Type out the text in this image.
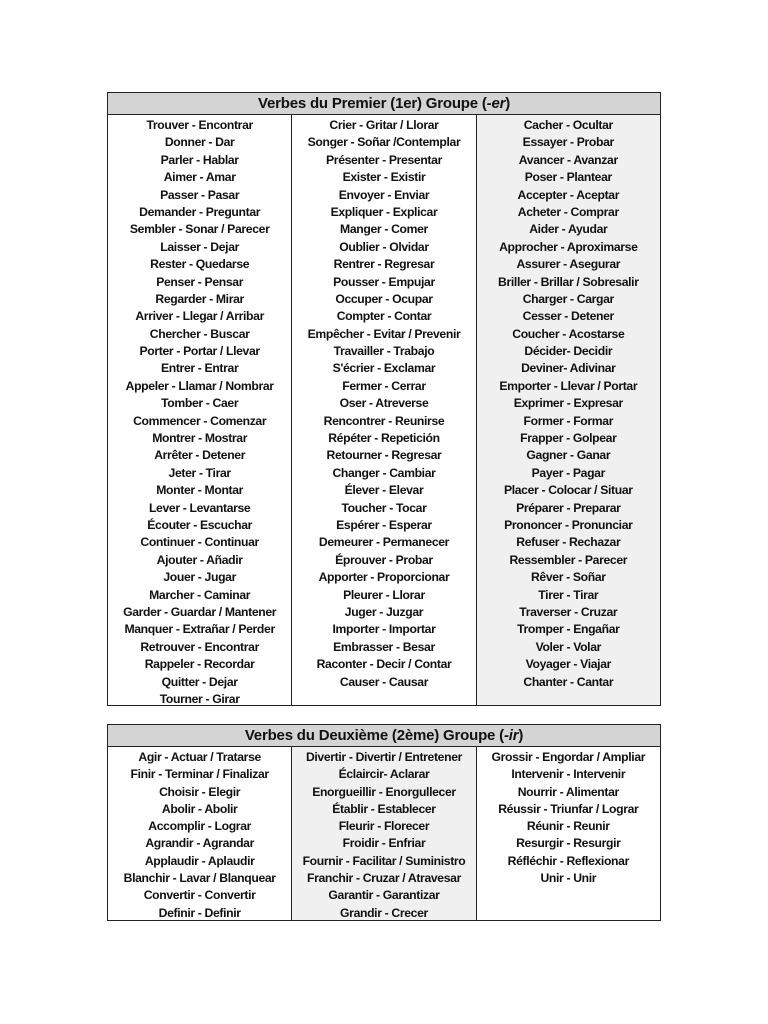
Verbes du Premier (1er) Groupe ( -er )
Trouver - Encontrar
Donner - Dar
Parler - Hablar
Aimer - Amar
Passer - Pasar
Demander - Preguntar
Sembler - Sonar / Parecer
Laisser - Dejar
Rester - Quedarse
Penser - Pensar
Regarder - Mirar
Arriver - Llegar / Arribar
Chercher - Buscar
Porter - Portar / Llevar
Entrer - Entrar
Appeler - Llamar / Nombrar
Tomber - Caer
Commencer - Comenzar
Montrer - Mostrar
Arrêter - Detener
Jeter - Tirar
Monter - Montar
Lever - Levantarse
Écouter - Escuchar
Continuer - Continuar
Ajouter - Añadir
Jouer - Jugar
Marcher - Caminar
Garder - Guardar / Mantener
Manquer - Extrañar / Perder
Retrouver - Encontrar
Rappeler - Recordar
Quitter - Dejar
Tourner - Girar
Crier - Gritar / Llorar
Songer - Soñar /Contemplar
Présenter - Presentar
Exister - Existir
Envoyer - Enviar
Expliquer - Explicar
Manger - Comer
Oublier - Olvidar
Rentrer - Regresar
Pousser - Empujar
Occuper - Ocupar
Compter - Contar
Empêcher - Evitar / Prevenir
Travailler - Trabajo
S'écrier - Exclamar
Fermer - Cerrar
Oser - Atreverse
Rencontrer - Reunirse
Répéter - Repetición
Retourner - Regresar
Changer - Cambiar
Élever - Elevar
Toucher - Tocar
Espérer - Esperar
Demeurer - Permanecer
Éprouver - Probar
Apporter - Proporcionar
Pleurer - Llorar
Juger - Juzgar
Importer - Importar
Embrasser - Besar
Raconter - Decir / Contar
Causer - Causar
Cacher - Ocultar
Essayer - Probar
Avancer - Avanzar
Poser - Plantear
Accepter - Aceptar
Acheter - Comprar
Aider - Ayudar
Approcher - Aproximarse
Assurer - Asegurar
Briller - Brillar / Sobresalir
Charger - Cargar
Cesser - Detener
Coucher - Acostarse
Décider- Decidir
Deviner- Adivinar
Emporter - Llevar / Portar
Exprimer - Expresar
Former - Formar
Frapper - Golpear
Gagner - Ganar
Payer - Pagar
Placer - Colocar / Situar
Préparer - Preparar
Prononcer - Pronunciar
Refuser - Rechazar
Ressembler - Parecer
Rêver - Soñar
Tirer - Tirar
Traverser - Cruzar
Tromper - Engañar
Voler - Volar
Voyager - Viajar
Chanter - Cantar
Verbes du Deuxième (2ème) Groupe ( -ir )
Agir - Actuar / Tratarse
Finir - Terminar / Finalizar
Choisir - Elegir
Abolir - Abolir
Accomplir - Lograr
Agrandir - Agrandar
Applaudir - Aplaudir
Blanchir - Lavar / Blanquear
Convertir - Convertir
Definir - Definir
Divertir - Divertir / Entretener
Éclaircir- Aclarar
Enorgueillir - Enorgullecer
Établir - Establecer
Fleurir - Florecer
Froidir - Enfriar
Fournir - Facilitar / Suministro
Franchir - Cruzar / Atravesar
Garantir - Garantizar
Grandir - Crecer
Grossir - Engordar / Ampliar
Intervenir - Intervenir
Nourrir - Alimentar
Réussir - Triunfar / Lograr
Réunir - Reunir
Resurgir - Resurgir
Réfléchir - Reflexionar
Unir - Unir
